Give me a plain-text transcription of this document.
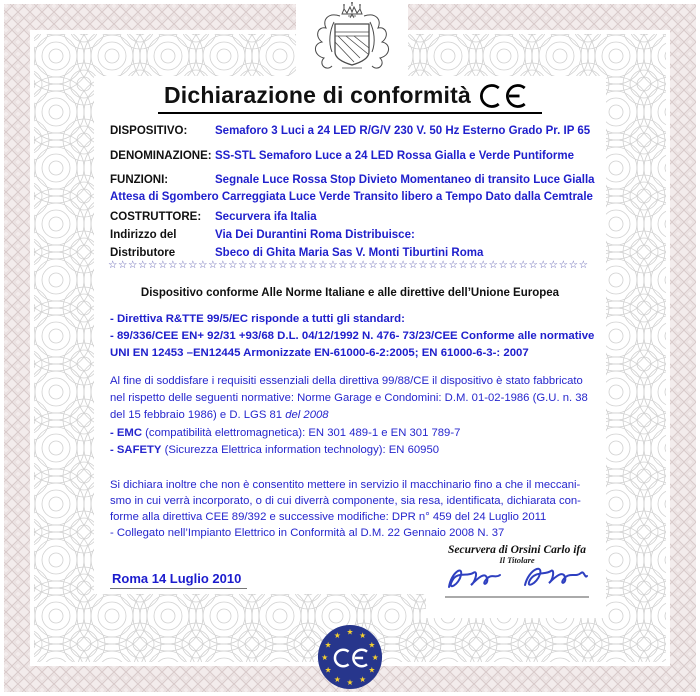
Dichiarazione di conformità
DISPOSITIVO:	Semaforo 3 Luci a 24 LED R/G/V 230 V. 50 Hz Esterno Grado Pr. IP 65
DENOMINAZIONE: SS-STL Semaforo Luce a 24 LED Rossa Gialla e Verde Puntiforme
FUNZIONI:	Segnale Luce Rossa Stop Divieto Momentaneo di transito Luce Gialla
Attesa di Sgombero Carreggiata Luce Verde Transito libero a Tempo Dato dalla Cemtrale
COSTRUTTORE:	Securvera ifa Italia
Indirizzo del	Via Dei Durantini Roma Distribuisce:
Distributore	Sbeco di Ghita Maria Sas V. Monti Tiburtini Roma
☆☆☆☆☆☆☆☆☆☆☆☆☆☆☆☆☆☆☆☆☆☆☆☆☆☆☆☆☆☆☆☆☆☆☆☆☆☆☆☆☆☆☆☆☆☆☆☆
Dispositivo conforme Alle Norme Italiane e alle direttive dell’Unione Europea
- Direttiva R&TTE 99/5/EC risponde a tutti gli standard:
- 89/336/CEE EN+ 92/31 +93/68 D.L. 04/12/1992 N. 476- 73/23/CEE Conforme alle normative
UNI EN 12453 –EN12445 Armonizzate EN-61000-6-2:2005; EN 61000-6-3-: 2007
Al fine di soddisfare i requisiti essenziali della direttiva 99/88/CE il dispositivo è stato fabbricato
nel rispetto delle seguenti normative: Norme Garage e Condomini: D.M. 01-02-1986 (G.U. n. 38
del 15 febbraio 1986) e D. LGS 81 del 2008
- EMC (compatibilità elettromagnetica): EN 301 489-1 e EN 301 789-7
- SAFETY (Sicurezza Elettrica information technology): EN 60950
Si dichiara inoltre che non è consentito mettere in servizio il macchinario fino a che il meccani-
smo in cui verrà incorporato, o di cui diverrà componente, sia resa, identificata, dichiarata con-
forme alla direttiva CEE 89/392 e successive modifiche: DPR n° 459 del 24 Luglio 2011
- Collegato nell’Impianto Elettrico in Conformità al D.M. 22 Gennaio 2008 N. 37
Roma 14 Luglio 2010
Securvera di Orsini Carlo ifa
Il Titolare
★ ★
★
★
★
★
★
★
★
★
★
★
